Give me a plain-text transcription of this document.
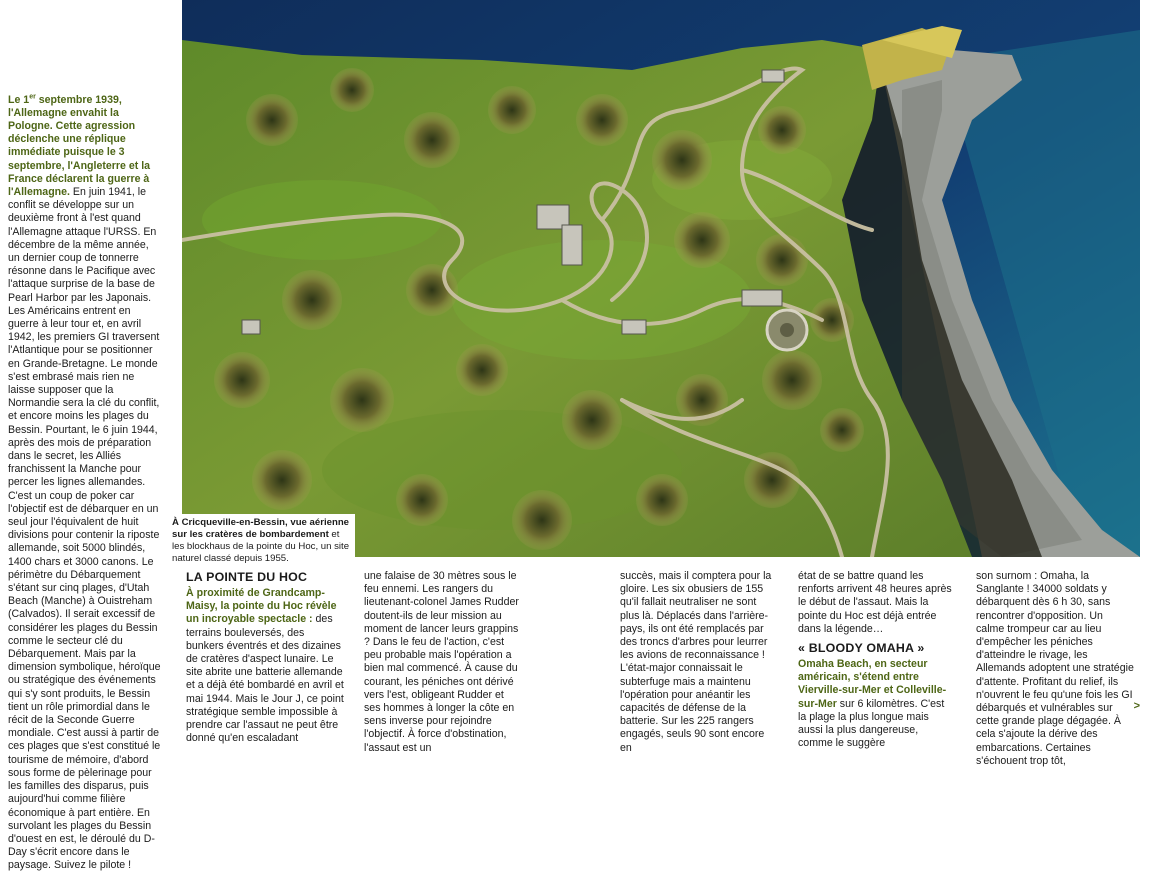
À Cricqueville-en-Bessin, vue aérienne sur les cratères de bombardement et les blockhaus de la pointe du Hoc, un site naturel classé depuis 1955.

Le 1er septembre 1939, l'Allemagne envahit la Pologne. Cette agression déclenche une réplique immédiate puisque le 3 septembre, l'Angleterre et la France déclarent la guerre à l'Allemagne. En juin 1941, le conflit se développe sur un deuxième front à l'est quand l'Allemagne attaque l'URSS. En décembre de la même année, un dernier coup de tonnerre résonne dans le Pacifique avec l'attaque surprise de la base de Pearl Harbor par les Japonais. Les Américains entrent en guerre à leur tour et, en avril 1942, les premiers GI traversent l'Atlantique pour se positionner en Grande-Bretagne. Le monde s'est embrasé mais rien ne laisse supposer que la Normandie sera la clé du conflit, et encore moins les plages du Bessin. Pourtant, le 6 juin 1944, après des mois de préparation dans le secret, les Alliés franchissent la Manche pour percer les lignes allemandes. C'est un coup de poker car l'objectif est de débarquer en un seul jour l'équivalent de huit divisions pour contenir la riposte allemande, soit 5000 blindés, 1400 chars et 3000 canons. Le périmètre du Débarquement s'étant sur cinq plages, d'Utah Beach (Manche) à Ouistreham (Calvados). Il serait excessif de considérer les plages du Bessin comme le secteur clé du Débarquement. Mais par la dimension symbolique, héroïque ou stratégique des événements qui s'y sont produits, le Bessin tient un rôle primordial dans le récit de la Seconde Guerre mondiale. C'est aussi à partir de ces plages que s'est constitué le tourisme de mémoire, d'abord sous forme de pèlerinage pour les familles des disparus, puis aujourd'hui comme filière économique à part entière. En survolant les plages du Bessin d'ouest en est, le déroulé du D-Day s'écrit encore dans le paysage. Suivez le pilote !

LA POINTE DU HOC

À proximité de Grandcamp-Maisy, la pointe du Hoc révèle un incroyable spectacle : des terrains bouleversés, des bunkers éventrés et des dizaines de cratères d'aspect lunaire. Le site abrite une batterie allemande et a déjà été bombardé en avril et mai 1944. Mais le Jour J, ce point stratégique semble impossible à prendre car l'assaut ne peut être donné qu'en escaladant

une falaise de 30 mètres sous le feu ennemi. Les rangers du lieutenant-colonel James Rudder doutent-ils de leur mission au moment de lancer leurs grappins ? Dans le feu de l'action, c'est peu probable mais l'opération a bien mal commencé. À cause du courant, les péniches ont dérivé vers l'est, obligeant Rudder et ses hommes à longer la côte en sens inverse pour rejoindre l'objectif. À force d'obstination, l'assaut est un

succès, mais il comptera pour la gloire. Les six obusiers de 155 qu'il fallait neutraliser ne sont plus là. Déplacés dans l'arrière-pays, ils ont été remplacés par des troncs d'arbres pour leurrer les avions de reconnaissance ! L'état-major connaissait le subterfuge mais a maintenu l'opération pour anéantir les capacités de défense de la batterie. Sur les 225 rangers engagés, seuls 90 sont encore en

état de se battre quand les renforts arrivent 48 heures après le début de l'assaut. Mais la pointe du Hoc est déjà entrée dans la légende…

« BLOODY OMAHA »

Omaha Beach, en secteur américain, s'étend entre Vierville-sur-Mer et Colleville-sur-Mer sur 6 kilomètres. C'est la plage la plus longue mais aussi la plus dangereuse, comme le suggère

son surnom : Omaha, la Sanglante ! 34000 soldats y débarquent dès 6 h 30, sans rencontrer d'opposition. Un calme trompeur car au lieu d'empêcher les péniches d'atteindre le rivage, les Allemands adoptent une stratégie d'attente. Profitant du relief, ils n'ouvrent le feu qu'une fois les GI débarqués et vulnérables sur cette grande plage dégagée. À cela s'ajoute la dérive des embarcations. Certaines s'échouent trop tôt,

>
